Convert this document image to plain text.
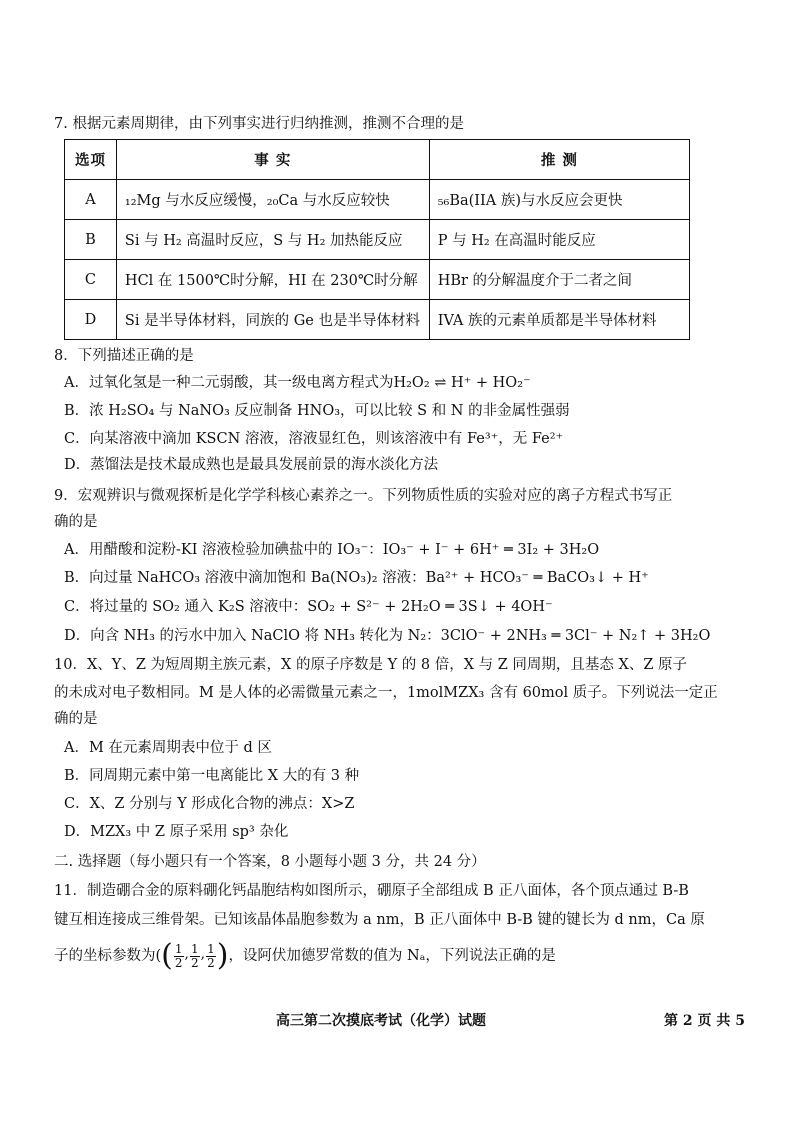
7. 根据元素周期律，由下列事实进行归纳推测，推测不合理的是
选项	事 实	推 测
A	₁₂Mg 与水反应缓慢，₂₀Ca 与水反应较快	₅₆Ba(IIA 族)与水反应会更快
B	Si 与 H₂ 高温时反应，S 与 H₂ 加热能反应	P 与 H₂ 在高温时能反应
C	HCl 在 1500℃时分解，HI 在 230℃时分解	HBr 的分解温度介于二者之间
D	Si 是半导体材料，同族的 Ge 也是半导体材料	IVA 族的元素单质都是半导体材料
8．下列描述正确的是
A．过氧化氢是一种二元弱酸，其一级电离方程式为H₂O₂ ⇌ H⁺ + HO₂⁻
B．浓 H₂SO₄ 与 NaNO₃ 反应制备 HNO₃，可以比较 S 和 N 的非金属性强弱
C．向某溶液中滴加 KSCN 溶液，溶液显红色，则该溶液中有 Fe³⁺，无 Fe²⁺
D．蒸馏法是技术最成熟也是最具发展前景的海水淡化方法
9．宏观辨识与微观探析是化学学科核心素养之一。下列物质性质的实验对应的离子方程式书写正
确的是
A．用醋酸和淀粉-KI 溶液检验加碘盐中的 IO₃⁻：IO₃⁻ + I⁻ + 6H⁺ ═ 3I₂ + 3H₂O
B．向过量 NaHCO₃ 溶液中滴加饱和 Ba(NO₃)₂ 溶液：Ba²⁺ + HCO₃⁻ ═ BaCO₃↓ + H⁺
C．将过量的 SO₂ 通入 K₂S 溶液中：SO₂ + S²⁻ + 2H₂O ═ 3S↓ + 4OH⁻
D．向含 NH₃ 的污水中加入 NaClO 将 NH₃ 转化为 N₂：3ClO⁻ + 2NH₃ ═ 3Cl⁻ + N₂↑ + 3H₂O
10．X、Y、Z 为短周期主族元素，X 的原子序数是 Y 的 8 倍，X 与 Z 同周期，且基态 X、Z 原子
的未成对电子数相同。M 是人体的必需微量元素之一，1molMZX₃ 含有 60mol 质子。下列说法一定正
确的是
A．M 在元素周期表中位于 d 区
B．同周期元素中第一电离能比 X 大的有 3 种
C．X、Z 分别与 Y 形成化合物的沸点：X>Z
D．MZX₃ 中 Z 原子采用 sp³ 杂化
二. 选择题（每小题只有一个答案，8 小题每小题 3 分，共 24 分）
11．制造硼合金的原料硼化钙晶胞结构如图所示，硼原子全部组成 B 正八面体，各个顶点通过 B-B
键互相连接成三维骨架。已知该晶体晶胞参数为 a nm，B 正八面体中 B-B 键的键长为 d nm，Ca 原
子的坐标参数为( ( 1
2
, 1
2
, 1
2 ) ，设阿伏加德罗常数的值为 Nₐ，下列说法正确的是
高三第二次摸底考试（化学）试题	第 2 页 共 5
